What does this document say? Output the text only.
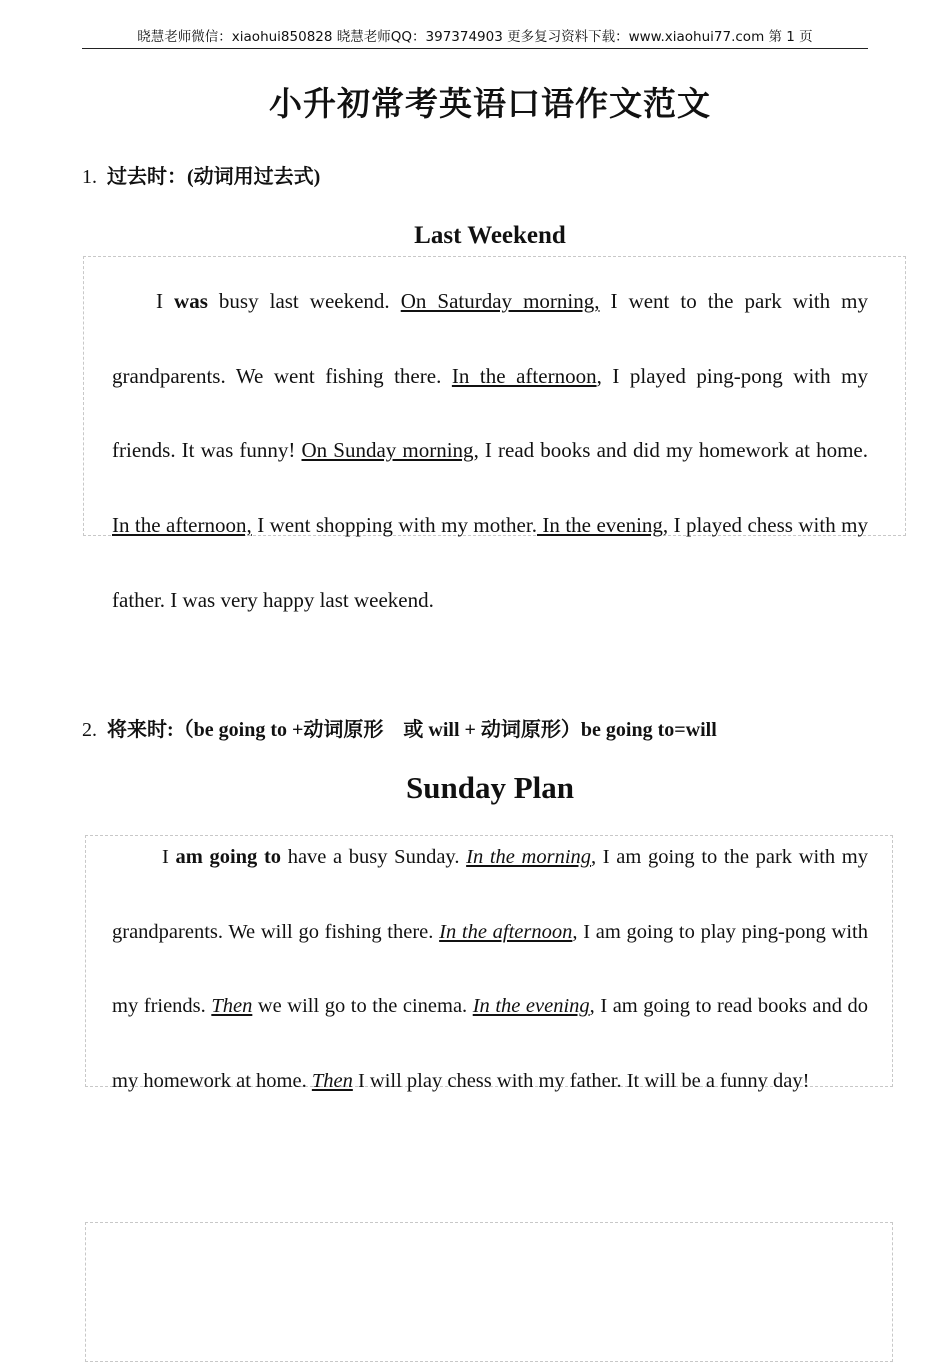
晓慧老师微信：xiaohui850828 晓慧老师QQ：397374903 更多复习资料下载：www.xiaohui77.com 第 1 页
小升初常考英语口语作文范文
1. 过去时：(动词用过去式)
Last Weekend

I was busy last weekend. On Saturday morning, I went to the park with my grandparents. We went fishing there. In the afternoon, I played ping-pong with my friends. It was funny! On Sunday morning, I read books and did my homework at home. In the afternoon, I went shopping with my mother. In the evening, I played chess with my father. I was very happy last weekend.

2. 将来时:（be going to +动词原形　或 will + 动词原形）be going to=will
Sunday Plan

I am going to have a busy Sunday. In the morning, I am going to the park with my grandparents. We will go fishing there. In the afternoon, I am going to play ping-pong with my friends. Then we will go to the cinema. In the evening, I am going to read books and do my homework at home. Then I will play chess with my father. It will be a funny day!
